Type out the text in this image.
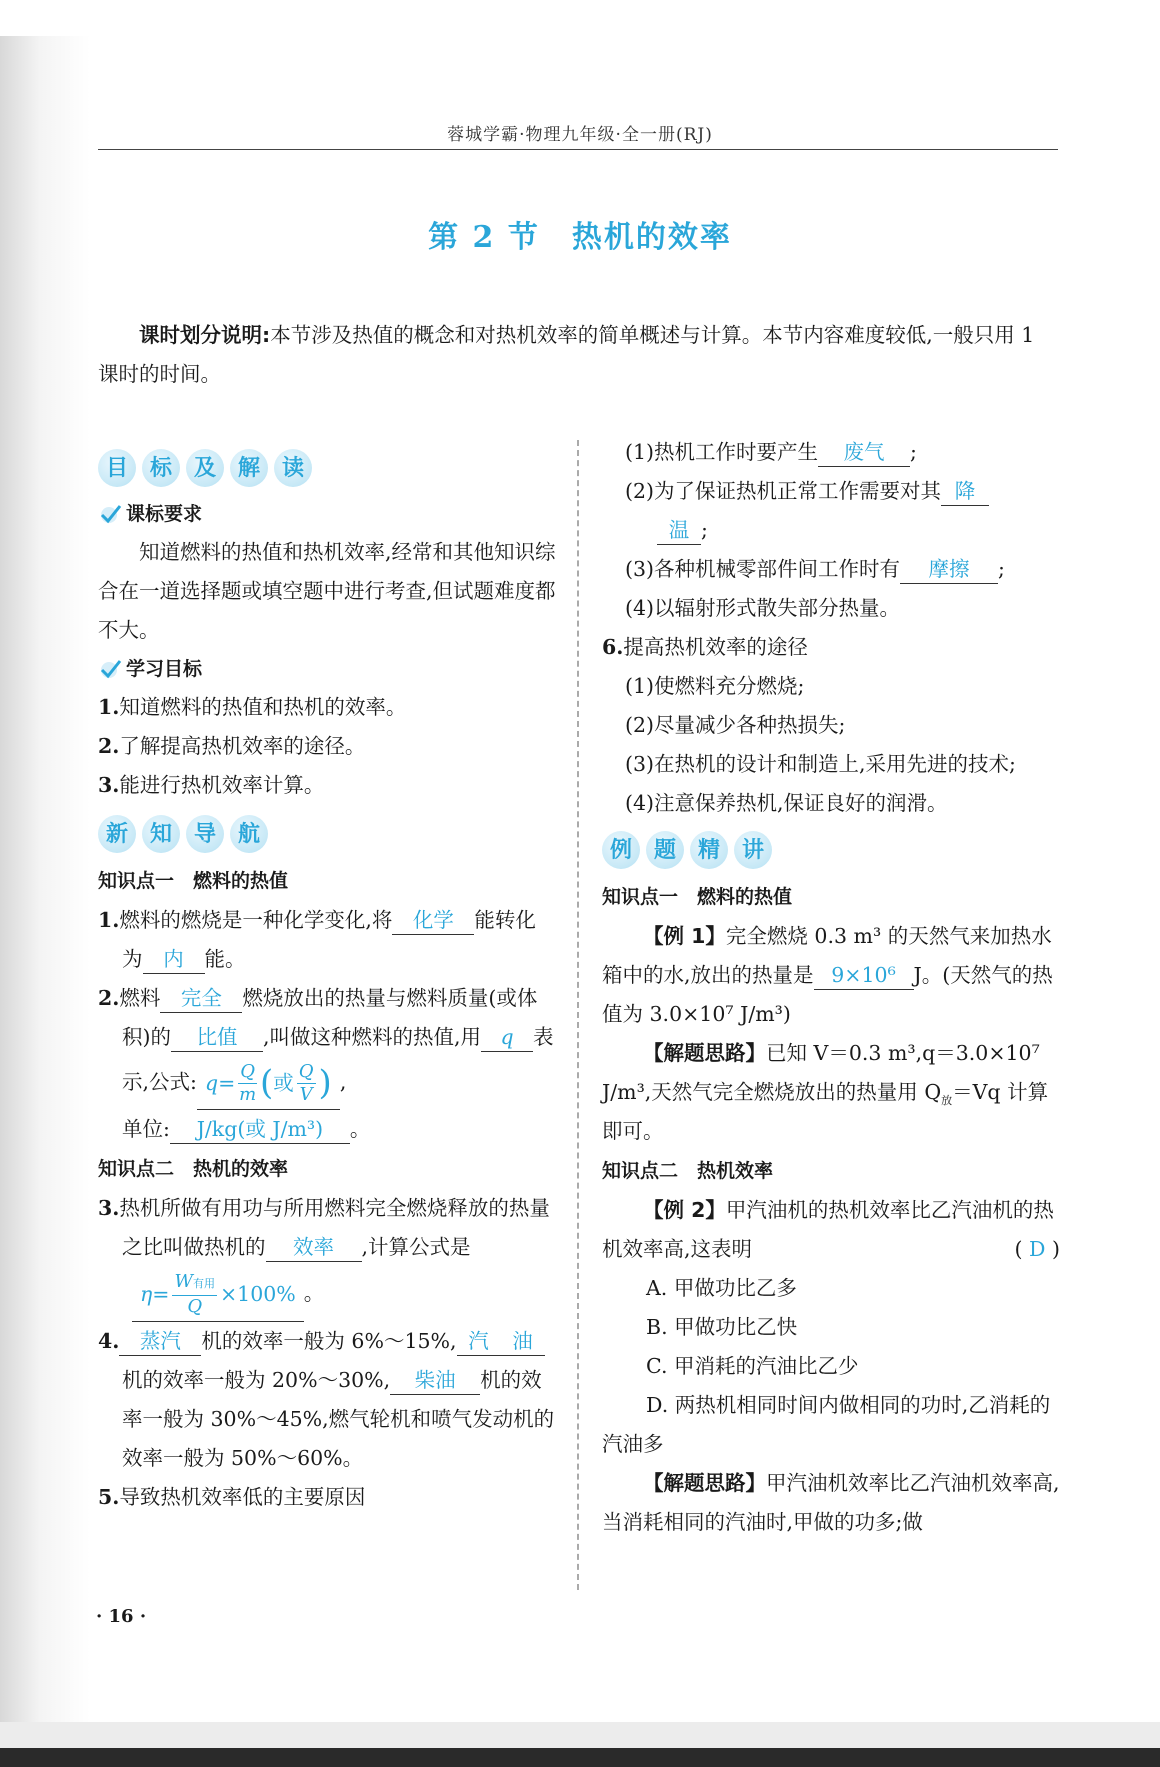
蓉城学霸·物理九年级·全一册(RJ)
第 2 节　热机的效率

课时划分说明:本节涉及热值的概念和对热机效率的简单概述与计算。本节内容难度较低,一般只用 1 课时的时间。

目 标 及 解 读
课标要求

知道燃料的热值和热机效率,经常和其他知识综合在一道选择题或填空题中进行考查,但试题难度都不大。

学习目标

1.知道燃料的热值和热机的效率。

2.了解提高热机效率的途径。

3.能进行热机效率计算。

新 知 导 航
知识点一　燃料的热值

1.燃料的燃烧是一种化学变化,将 化学 能转化为 内 能。

2.燃料 完全 燃烧放出的热量与燃料质量(或体积)的 比值 ,叫做这种燃料的热值,用 q 表示,公式: $q = \frac{Q}{m}$ ( 或 $\frac{Q}{V}$ ) ,
单位: J/kg(或 J/m³) 。

知识点二　热机的效率

3.热机所做有用功与所用燃料完全燃烧释放的热量之比叫做热机的 效率 ,计算公式是
$\eta = \frac{\text{W有用}}{Q} \times 100\%$ 。

4. 蒸汽 机的效率一般为 6%～15%, 汽 油机的效率一般为 20%～30%, 柴油 机的效率一般为 30%～45%,燃气轮机和喷气发动机的效率一般为 50%～60%。

5.导致热机效率低的主要原因

(1)热机工作时要产生 废气 ;

(2)为了保证热机正常工作需要对其 降
温 ;

(3)各种机械零部件间工作时有 摩擦 ;

(4)以辐射形式散失部分热量。

6.提高热机效率的途径

(1)使燃料充分燃烧;

(2)尽量减少各种热损失;

(3)在热机的设计和制造上,采用先进的技术;

(4)注意保养热机,保证良好的润滑。

例 题 精 讲
知识点一　燃料的热值

【例 1】完全燃烧 0.3 m³ 的天然气来加热水箱中的水,放出的热量是 9×10⁶ J。(天然气的热值为 3.0×10⁷ J/m³)

【解题思路】已知 V＝0.3 m³,q＝3.0×10⁷ J/m³,天然气完全燃烧放出的热量用 $Q_放=Vq$ 计算即可。

知识点二　热机效率

【例 2】甲汽油机的热机效率比乙汽油机的热机效率高,这表明	( D )

A. 甲做功比乙多

B. 甲做功比乙快

C. 甲消耗的汽油比乙少

D. 两热机相同时间内做相同的功时,乙消耗的汽油多

【解题思路】甲汽油机效率比乙汽油机效率高,当消耗相同的汽油时,甲做的功多;做

· 16 ·
